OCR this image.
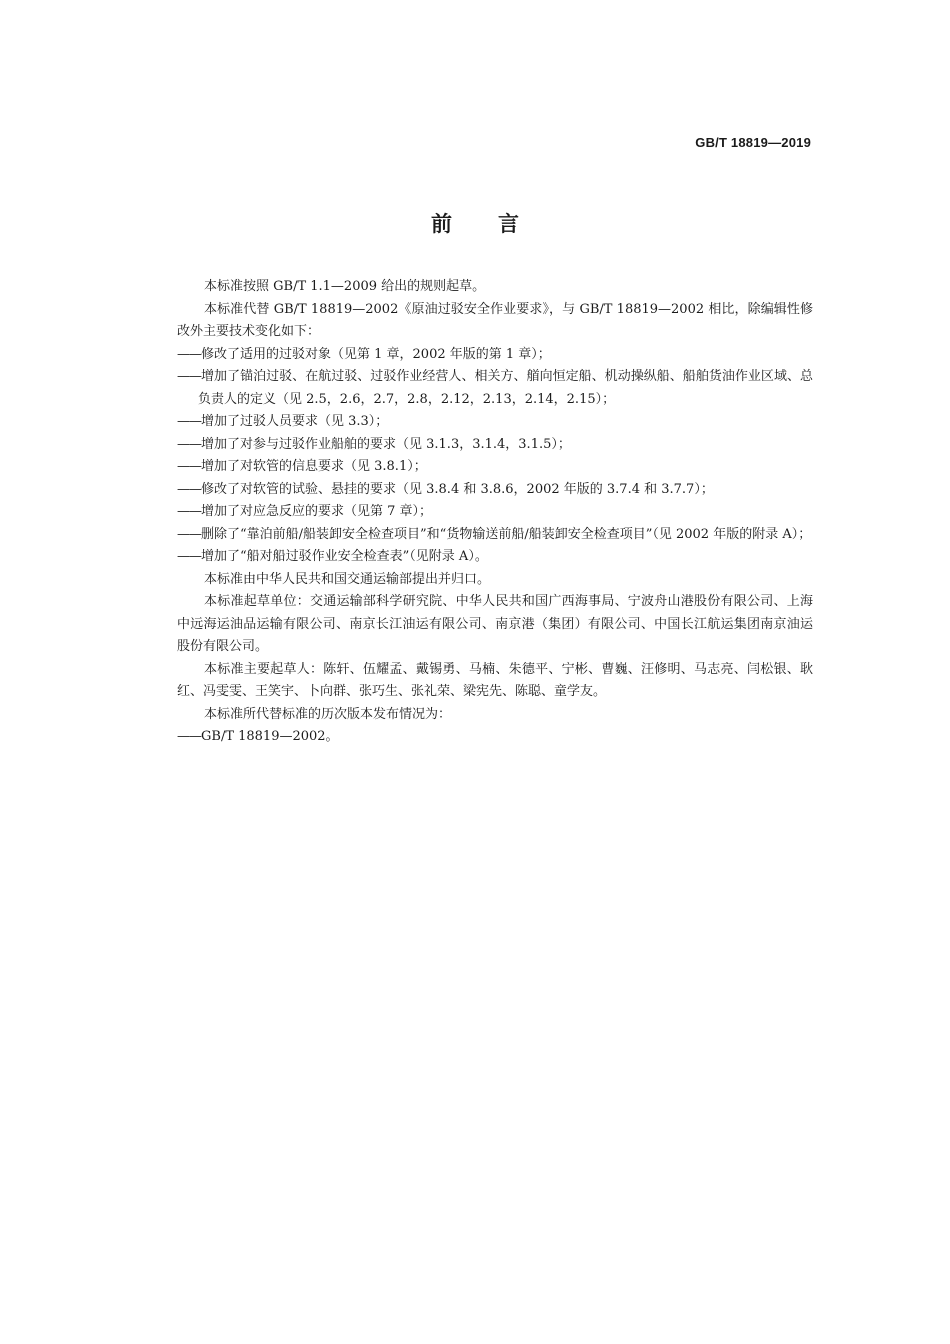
GB/T 18819—2019
前言

本标准按照 GB/T 1.1—2009 给出的规则起草。

本标准代替 GB/T 18819—2002《原油过驳安全作业要求》，与 GB/T 18819—2002 相比，除编辑性修改外主要技术变化如下：

——修改了适用的过驳对象（见第 1 章，2002 年版的第 1 章）；

——增加了锚泊过驳、在航过驳、过驳作业经营人、相关方、艏向恒定船、机动操纵船、船舶货油作业区域、总负责人的定义（见 2.5，2.6，2.7，2.8，2.12，2.13，2.14，2.15）；

——增加了过驳人员要求（见 3.3）；

——增加了对参与过驳作业船舶的要求（见 3.1.3，3.1.4，3.1.5）；

——增加了对软管的信息要求（见 3.8.1）；

——修改了对软管的试验、悬挂的要求（见 3.8.4 和 3.8.6，2002 年版的 3.7.4 和 3.7.7）；

——增加了对应急反应的要求（见第 7 章）；

——删除了“靠泊前船/船装卸安全检查项目”和“货物输送前船/船装卸安全检查项目”（见 2002 年版的附录 A）；

——增加了“船对船过驳作业安全检查表”（见附录 A）。

本标准由中华人民共和国交通运输部提出并归口。

本标准起草单位：交通运输部科学研究院、中华人民共和国广西海事局、宁波舟山港股份有限公司、上海中远海运油品运输有限公司、南京长江油运有限公司、南京港（集团）有限公司、中国长江航运集团南京油运股份有限公司。

本标准主要起草人：陈轩、伍耀孟、戴锡勇、马楠、朱德平、宁彬、曹巍、汪修明、马志亮、闫松银、耿红、冯雯雯、王笑宇、卜向群、张巧生、张礼荣、梁宪先、陈聪、童学友。

本标准所代替标准的历次版本发布情况为：

——GB/T 18819—2002。
